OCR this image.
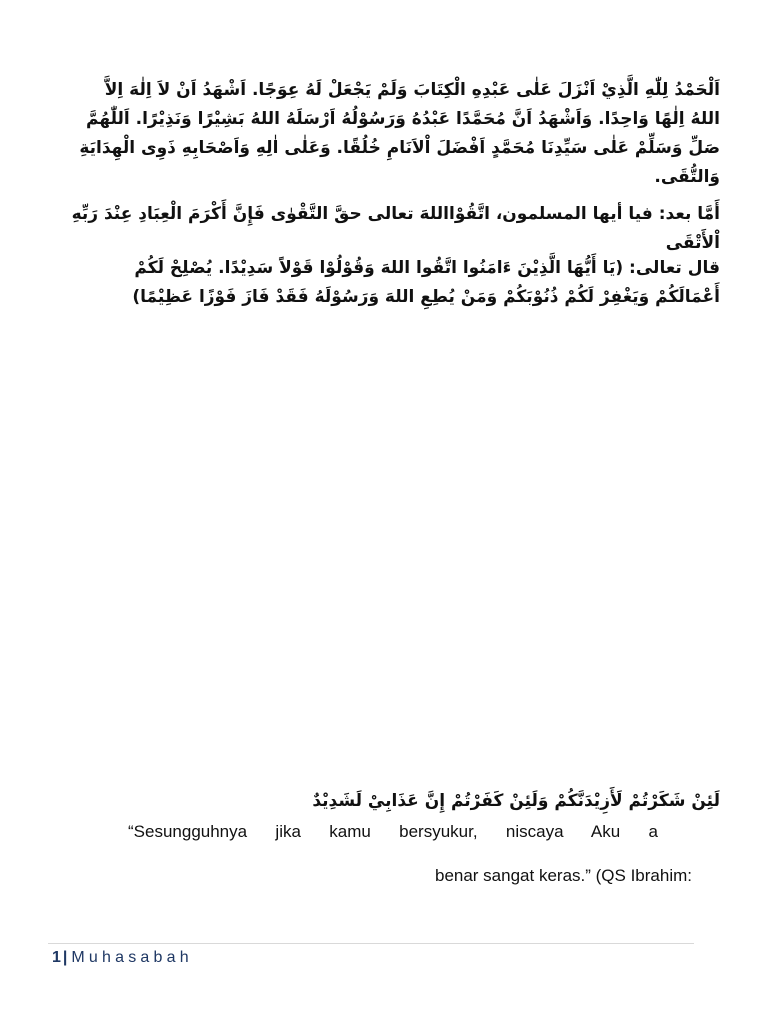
اَلْحَمْدُ لِلّٰهِ الَّذِيْ اَنْزَلَ عَلٰى عَبْدِهِ الْكِتَابَ وَلَمْ يَجْعَلْ لَهُ عِوَجًا. اَشْهَدُ اَنْ لاَ اِلٰهَ اِلاَّ

اللهُ اِلٰهًا وَاحِدًا. وَاَشْهَدُ اَنَّ مُحَمَّدًا عَبْدُهُ وَرَسُوْلُهُ اَرْسَلَهُ اللهُ بَشِيْرًا وَنَذِيْرًا. اَللّٰهُمَّ

صَلِّ وَسَلِّمْ عَلٰى سَيِّدِنَا مُحَمَّدٍ اَفْضَلَ اْلاَنَامِ خُلُقًا. وَعَلٰى اٰلِهِ وَاَصْحَابِهِ ذَوِى الْهِدَايَةِ

وَالتُّقَى.

أَمَّا بعد: فيا أيها المسلمون، اتَّقُوْااللهَ تعالى حقَّ التَّقْوٰى فَإِنَّ أَكْرَمَ الْعِبَادِ عِنْدَ رَبِّهِ

اْلأَتْقَى

قال تعالى: (يَا أَيُّهَا الَّذِيْنَ ءَامَنُوا اتَّقُوا اللهَ وَقُوْلُوْا قَوْلاً سَدِيْدًا. يُصْلِحْ لَكُمْ

أَعْمَالَكُمْ وَيَغْفِرْ لَكُمْ ذُنُوْبَكُمْ وَمَنْ يُطِعِ اللهَ وَرَسُوْلَهُ فَقَدْ فَازَ فَوْزًا عَظِيْمًا)

لَئِنْ شَكَرْتُمْ لَأَزِيْدَنَّكُمْ وَلَئِنْ كَفَرْتُمْ إِنَّ عَذَابِيْ لَشَدِيْدٌ
“Sesungguhnya jika kamu bersyukur, niscaya Aku a
benar sangat keras.” (QS Ibrahim:
1 | Muhasabah
